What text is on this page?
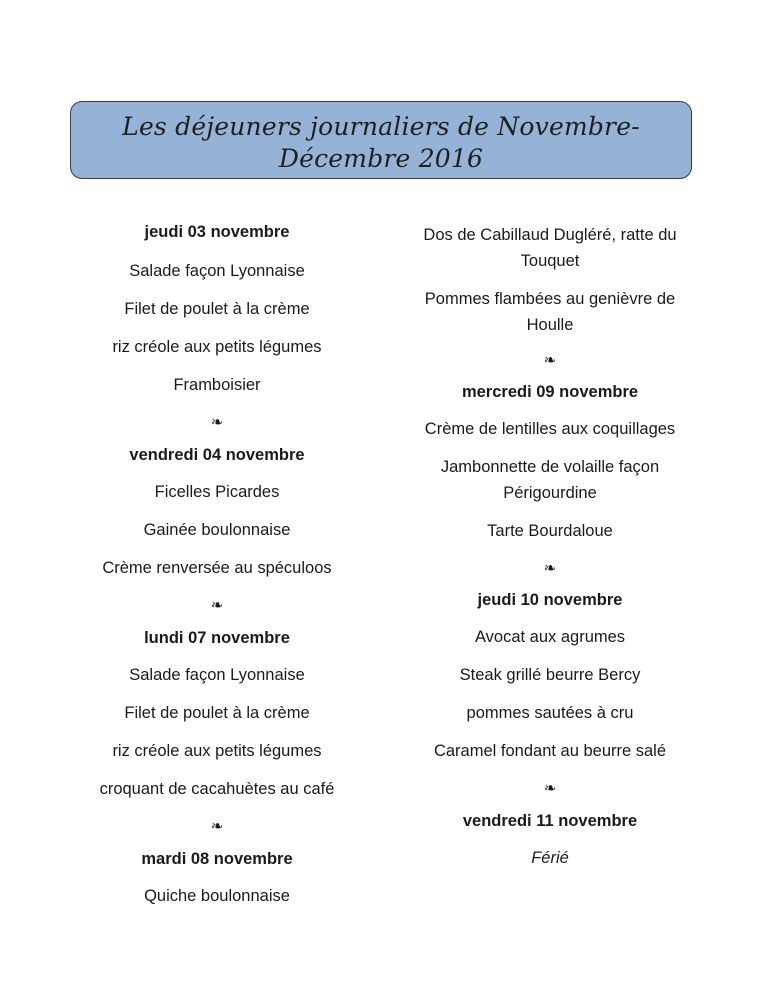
Les déjeuners journaliers de Novembre-
Décembre 2016
jeudi 03 novembre
Salade façon Lyonnaise
Filet de poulet à la crème
riz créole aux petits légumes
Framboisier
❧
vendredi 04 novembre
Ficelles Picardes
Gainée boulonnaise
Crème renversée au spéculoos
❧
lundi 07 novembre
Salade façon Lyonnaise
Filet de poulet à la crème
riz créole aux petits légumes
croquant de cacahuètes au café
❧
mardi 08 novembre
Quiche boulonnaise
Dos de Cabillaud Dugléré, ratte du
Touquet
Pommes flambées au genièvre de
Houlle
❧
mercredi 09 novembre
Crème de lentilles aux coquillages
Jambonnette de volaille façon
Périgourdine
Tarte Bourdaloue
❧
jeudi 10 novembre
Avocat aux agrumes
Steak grillé beurre Bercy
pommes sautées à cru
Caramel fondant au beurre salé
❧
vendredi 11 novembre
Férié
